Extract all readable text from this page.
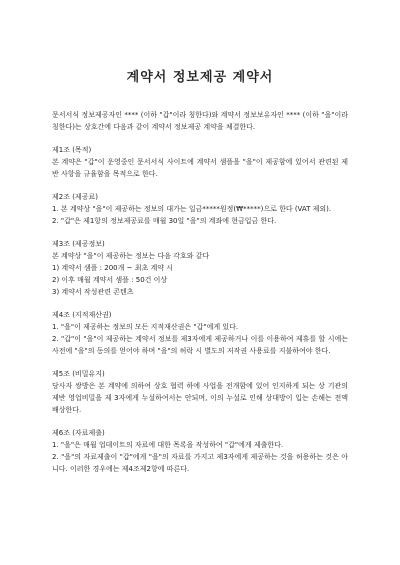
계약서 정보제공 계약서

문서서식 정보제공자인 **** (이하 "갑"이라 칭한다)와 계약서 정보보유자인 **** (이하 "을"이라 칭한다)는 상호간에 다음과 같이 계약서 정보제공 계약을 체결한다.

제1조 (목적)

본 계약은 "갑"이 운영중인 문서서식 사이트에 계약서 샘플을 "을"이 제공함에 있어서 관련된 제반 사항을 규율함을 목적으로 한다.

제2조 (제공료)

1. 본 계약상 "을"이 제공하는 정보의 대가는 일금*****원정(₩*****)으로 한다 (VAT 제외).

2. "갑"은 제1항의 정보제공료를 매월 30일 "을"의 계좌에 현금입금 한다.

제3조 (제공정보)

본 계약상 "을"이 제공하는 정보는 다음 각호와 같다

1) 계약서 샘플 : 200개 ~ 최초 계약 시

2) 이후 매월 계약서 샘플 : 50건 이상

3) 계약서 작성관련 콘텐츠

제4조 (지적재산권)

1. "을"이 제공하는 정보의 모든 지적재산권은 "갑"에게 있다.

2. "갑"이 "을"이 제공하는 계약서 정보를 제3자에게 제공하거나 이를 이용하여 제휴를 할 시에는 사전에 "을"의 동의를 얻어야 하며 "을"의 허락 시 별도의 저작권 사용료를 지불하여야 한다.

제5조 (비밀유지)

당사자 쌍방은 본 계약에 의하여 상호 협력 하에 사업을 전개함에 있어 인지하게 되는 상 기관의 제반 영업비밀을 제 3자에게 누설하여서는 안되며, 이의 누설로 인해 상대방이 입는 손해는 전액 배상한다.

제6조 (자료제출)

1. "을"은 매월 업데이트의 자료에 대한 목록을 작성하여 "갑"에게 제출한다.

2. "을"의 자료제출이 "갑"에게 "을"의 자료를 가지고 제3자에게 제공하는 것을 허용하는 것은 아니다. 이러한 경우에는 제4조제2항에 따른다.
